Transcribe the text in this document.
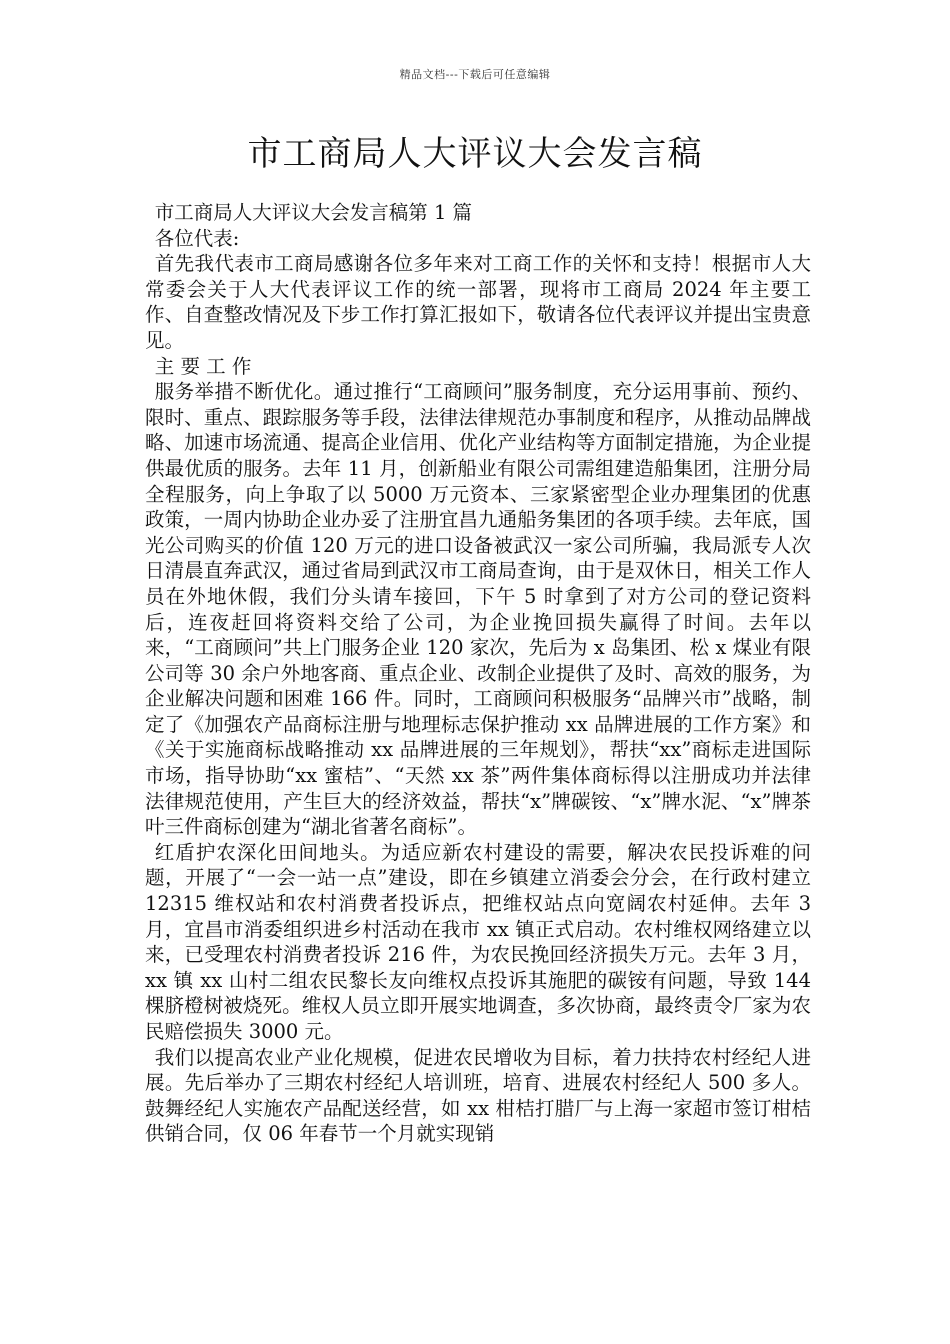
精品文档---下载后可任意编辑
市工商局人大评议大会发言稿

市工商局人大评议大会发言稿第 1 篇

各位代表:

首先我代表市工商局感谢各位多年来对工商工作的关怀和支持！根据市人大常委会关于人大代表评议工作的统一部署，现将市工商局 2024 年主要工作、自查整改情况及下步工作打算汇报如下，敬请各位代表评议并提出宝贵意见。

主 要 工 作

服务举措不断优化。通过推行“工商顾问”服务制度，充分运用事前、预约、限时、重点、跟踪服务等手段，法律法律规范办事制度和程序，从推动品牌战略、加速市场流通、提高企业信用、优化产业结构等方面制定措施，为企业提供最优质的服务。去年 11 月，创新船业有限公司需组建造船集团，注册分局全程服务，向上争取了以 5000 万元资本、三家紧密型企业办理集团的优惠政策，一周内协助企业办妥了注册宜昌九通船务集团的各项手续。去年底，国光公司购买的价值 120 万元的进口设备被武汉一家公司所骗，我局派专人次日清晨直奔武汉，通过省局到武汉市工商局查询，由于是双休日，相关工作人员在外地休假，我们分头请车接回，下午 5 时拿到了对方公司的登记资料后，连夜赶回将资料交给了公司，为企业挽回损失赢得了时间。去年以来，“工商顾问”共上门服务企业 120 家次，先后为 x 岛集团、松 x 煤业有限公司等 30 余户外地客商、重点企业、改制企业提供了及时、高效的服务，为企业解决问题和困难 166 件。同时，工商顾问积极服务“品牌兴市”战略，制定了《加强农产品商标注册与地理标志保护推动 xx 品牌进展的工作方案》和《关于实施商标战略推动 xx 品牌进展的三年规划》，帮扶“xx”商标走进国际市场，指导协助“xx 蜜桔”、“天然 xx 茶”两件集体商标得以注册成功并法律法律规范使用，产生巨大的经济效益，帮扶“x”牌碳铵、“x”牌水泥、“x”牌茶叶三件商标创建为“湖北省著名商标”。

红盾护农深化田间地头。为适应新农村建设的需要，解决农民投诉难的问题，开展了“一会一站一点”建设，即在乡镇建立消委会分会，在行政村建立 12315 维权站和农村消费者投诉点，把维权站点向宽阔农村延伸。去年 3 月，宜昌市消委组织进乡村活动在我市 xx 镇正式启动。农村维权网络建立以来，已受理农村消费者投诉 216 件，为农民挽回经济损失万元。去年 3 月，xx 镇 xx 山村二组农民黎长友向维权点投诉其施肥的碳铵有问题，导致 144 棵脐橙树被烧死。维权人员立即开展实地调查，多次协商，最终责令厂家为农民赔偿损失 3000 元。

我们以提高农业产业化规模，促进农民增收为目标，着力扶持农村经纪人进展。先后举办了三期农村经纪人培训班，培育、进展农村经纪人 500 多人。鼓舞经纪人实施农产品配送经营，如 xx 柑桔打腊厂与上海一家超市签订柑桔供销合同，仅 06 年春节一个月就实现销
